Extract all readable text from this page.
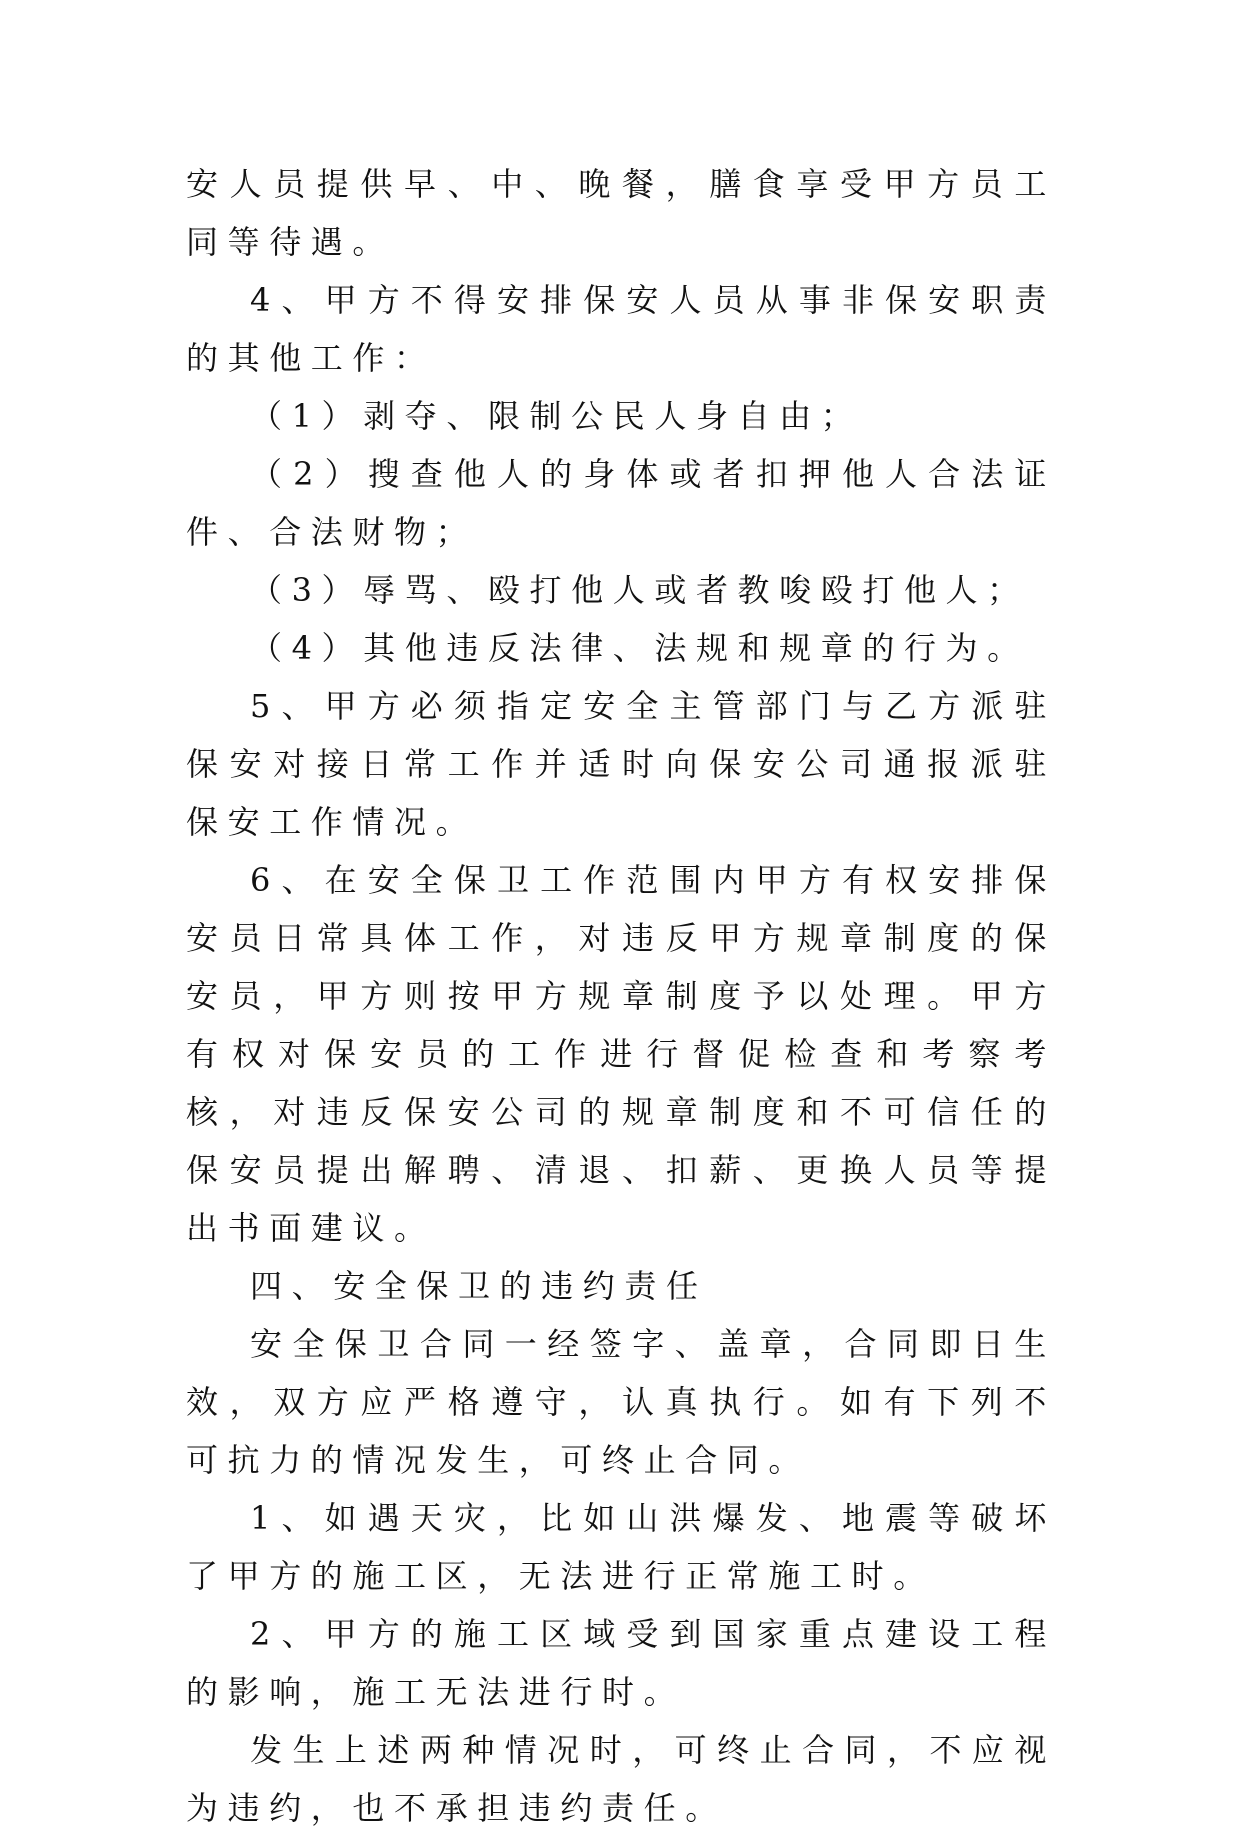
安人员提供早、中、晚餐，膳食享受甲方员工同等待遇。

4、甲方不得安排保安人员从事非保安职责的其他工作：

（1）剥夺、限制公民人身自由；

（2）搜查他人的身体或者扣押他人合法证件、合法财物；

（3）辱骂、殴打他人或者教唆殴打他人；

（4）其他违反法律、法规和规章的行为。

5、甲方必须指定安全主管部门与乙方派驻保安对接日常工作并适时向保安公司通报派驻保安工作情况。

6、在安全保卫工作范围内甲方有权安排保安员日常具体工作，对违反甲方规章制度的保安员，甲方则按甲方规章制度予以处理。甲方有权对保安员的工作进行督促检查和考察考核，对违反保安公司的规章制度和不可信任的保安员提出解聘、清退、扣薪、更换人员等提出书面建议。

四、安全保卫的违约责任

安全保卫合同一经签字、盖章，合同即日生效，双方应严格遵守，认真执行。如有下列不可抗力的情况发生，可终止合同。

1、如遇天灾，比如山洪爆发、地震等破坏了甲方的施工区，无法进行正常施工时。

2、甲方的施工区域受到国家重点建设工程的影响，施工无法进行时。

发生上述两种情况时，可终止合同，不应视为违约，也不承担违约责任。
